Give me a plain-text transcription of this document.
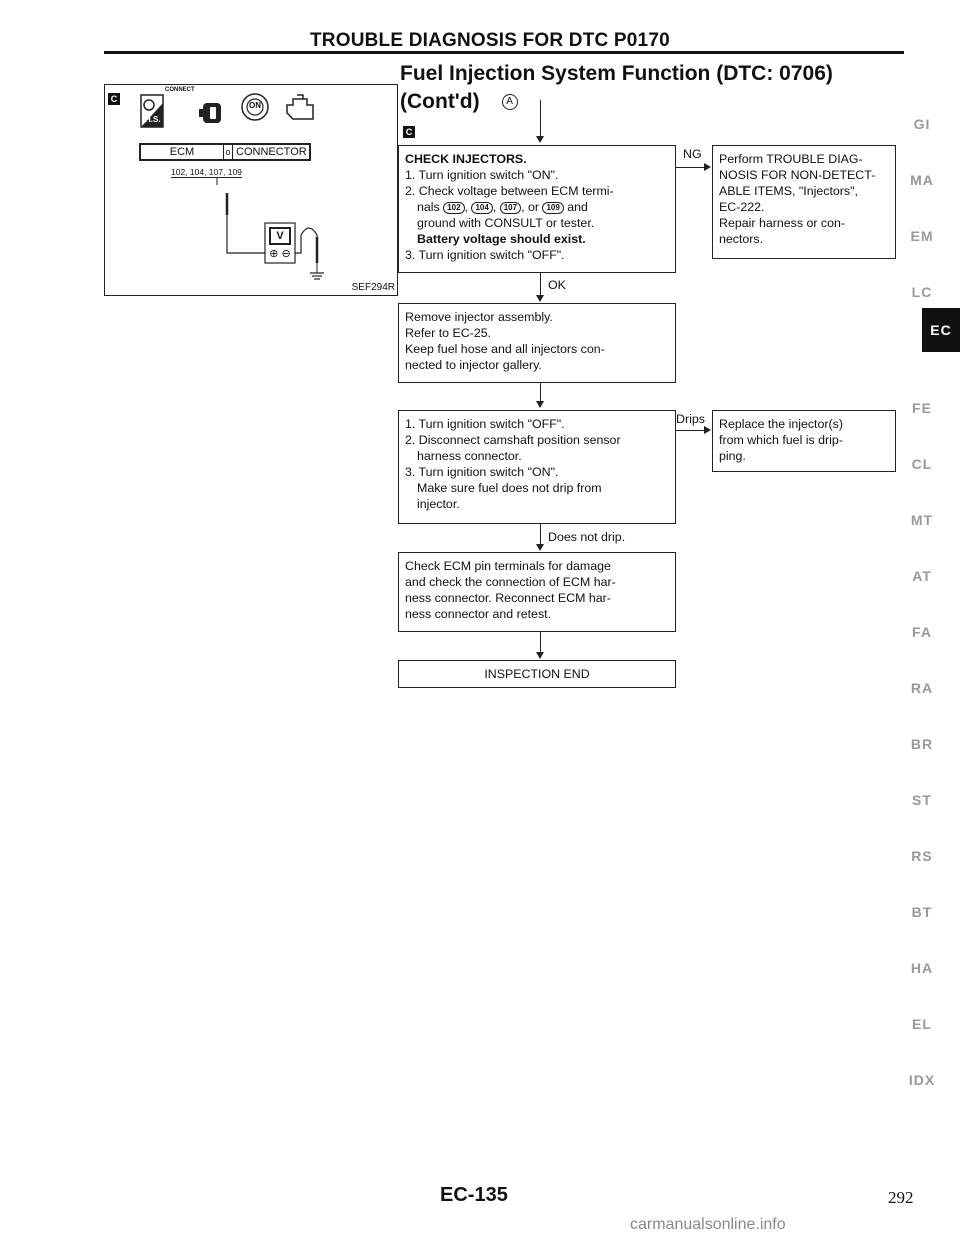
TROUBLE DIAGNOSIS FOR DTC P0170
Fuel Injection System Function (DTC: 0706)
(Cont'd)	A
C
CONNECT
H.S.
ON
ECM	o CONNECTOR
102, 104, 107, 109
V
⊕ ⊖
SEF294R
C
CHECK INJECTORS.
1. Turn ignition switch "ON".
2. Check voltage between ECM termi-
nals 102 , 104 , 107 , or 109 and
ground with CONSULT or tester.
Battery voltage should exist.
3. Turn ignition switch "OFF".
NG Perform TROUBLE DIAG-
NOSIS FOR NON-DETECT-
ABLE ITEMS, "Injectors",
EC-222.
Repair harness or con-
nectors.
OK
Remove injector assembly.
Refer to EC-25.
Keep fuel hose and all injectors con-
nected to injector gallery.
1. Turn ignition switch "OFF".
2. Disconnect camshaft position sensor
harness connector.
3. Turn ignition switch "ON".
Make sure fuel does not drip from
injector.
Drips Replace the injector(s)
from which fuel is drip-
ping.
Does not drip.
Check ECM pin terminals for damage
and check the connection of ECM har-
ness connector. Reconnect ECM har-
ness connector and retest.
INSPECTION END
GI
MA
EM
LC
EC
FE
CL
MT
AT
FA
RA
BR
ST
RS
BT
HA
EL
IDX
EC-135	292
carmanualsonline.info
